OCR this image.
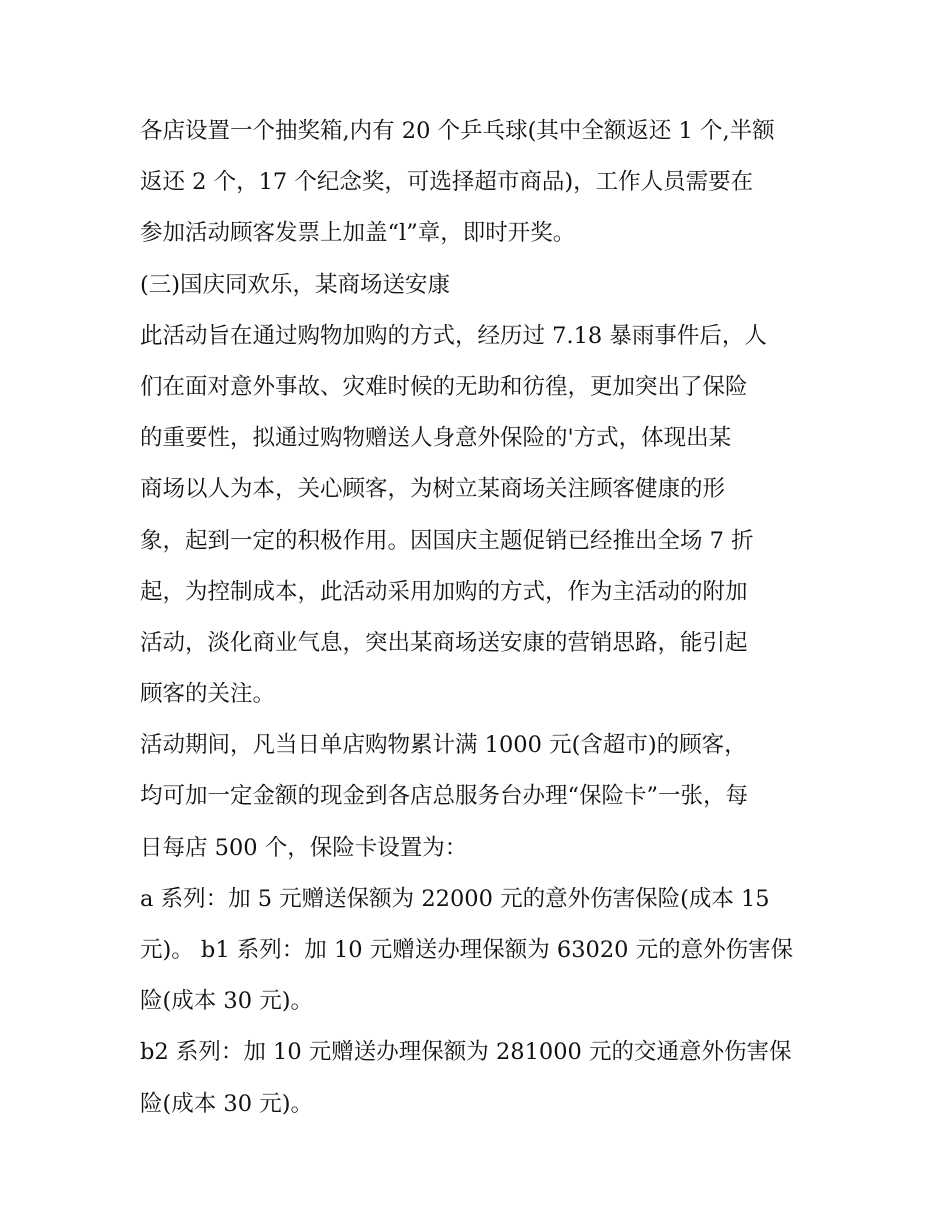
各店设置一个抽奖箱,内有 20 个乒乓球(其中全额返还 1 个,半额
返还 2 个，17 个纪念奖，可选择超市商品)，工作人员需要在
参加活动顾客发票上加盖“l”章，即时开奖。
(三)国庆同欢乐，某商场送安康
此活动旨在通过购物加购的方式，经历过 7.18 暴雨事件后，人
们在面对意外事故、灾难时候的无助和彷徨，更加突出了保险
的重要性，拟通过购物赠送人身意外保险的'方式，体现出某
商场以人为本，关心顾客，为树立某商场关注顾客健康的形
象，起到一定的积极作用。因国庆主题促销已经推出全场 7 折
起，为控制成本，此活动采用加购的方式，作为主活动的附加
活动，淡化商业气息，突出某商场送安康的营销思路，能引起
顾客的关注。
活动期间，凡当日单店购物累计满 1000 元(含超市)的顾客，
均可加一定金额的现金到各店总服务台办理“保险卡”一张，每
日每店 500 个，保险卡设置为：
a 系列：加 5 元赠送保额为 22000 元的意外伤害保险(成本 15
元)。 b1 系列：加 10 元赠送办理保额为 63020 元的意外伤害保
险(成本 30 元)。
b2 系列：加 10 元赠送办理保额为 281000 元的交通意外伤害保
险(成本 30 元)。
